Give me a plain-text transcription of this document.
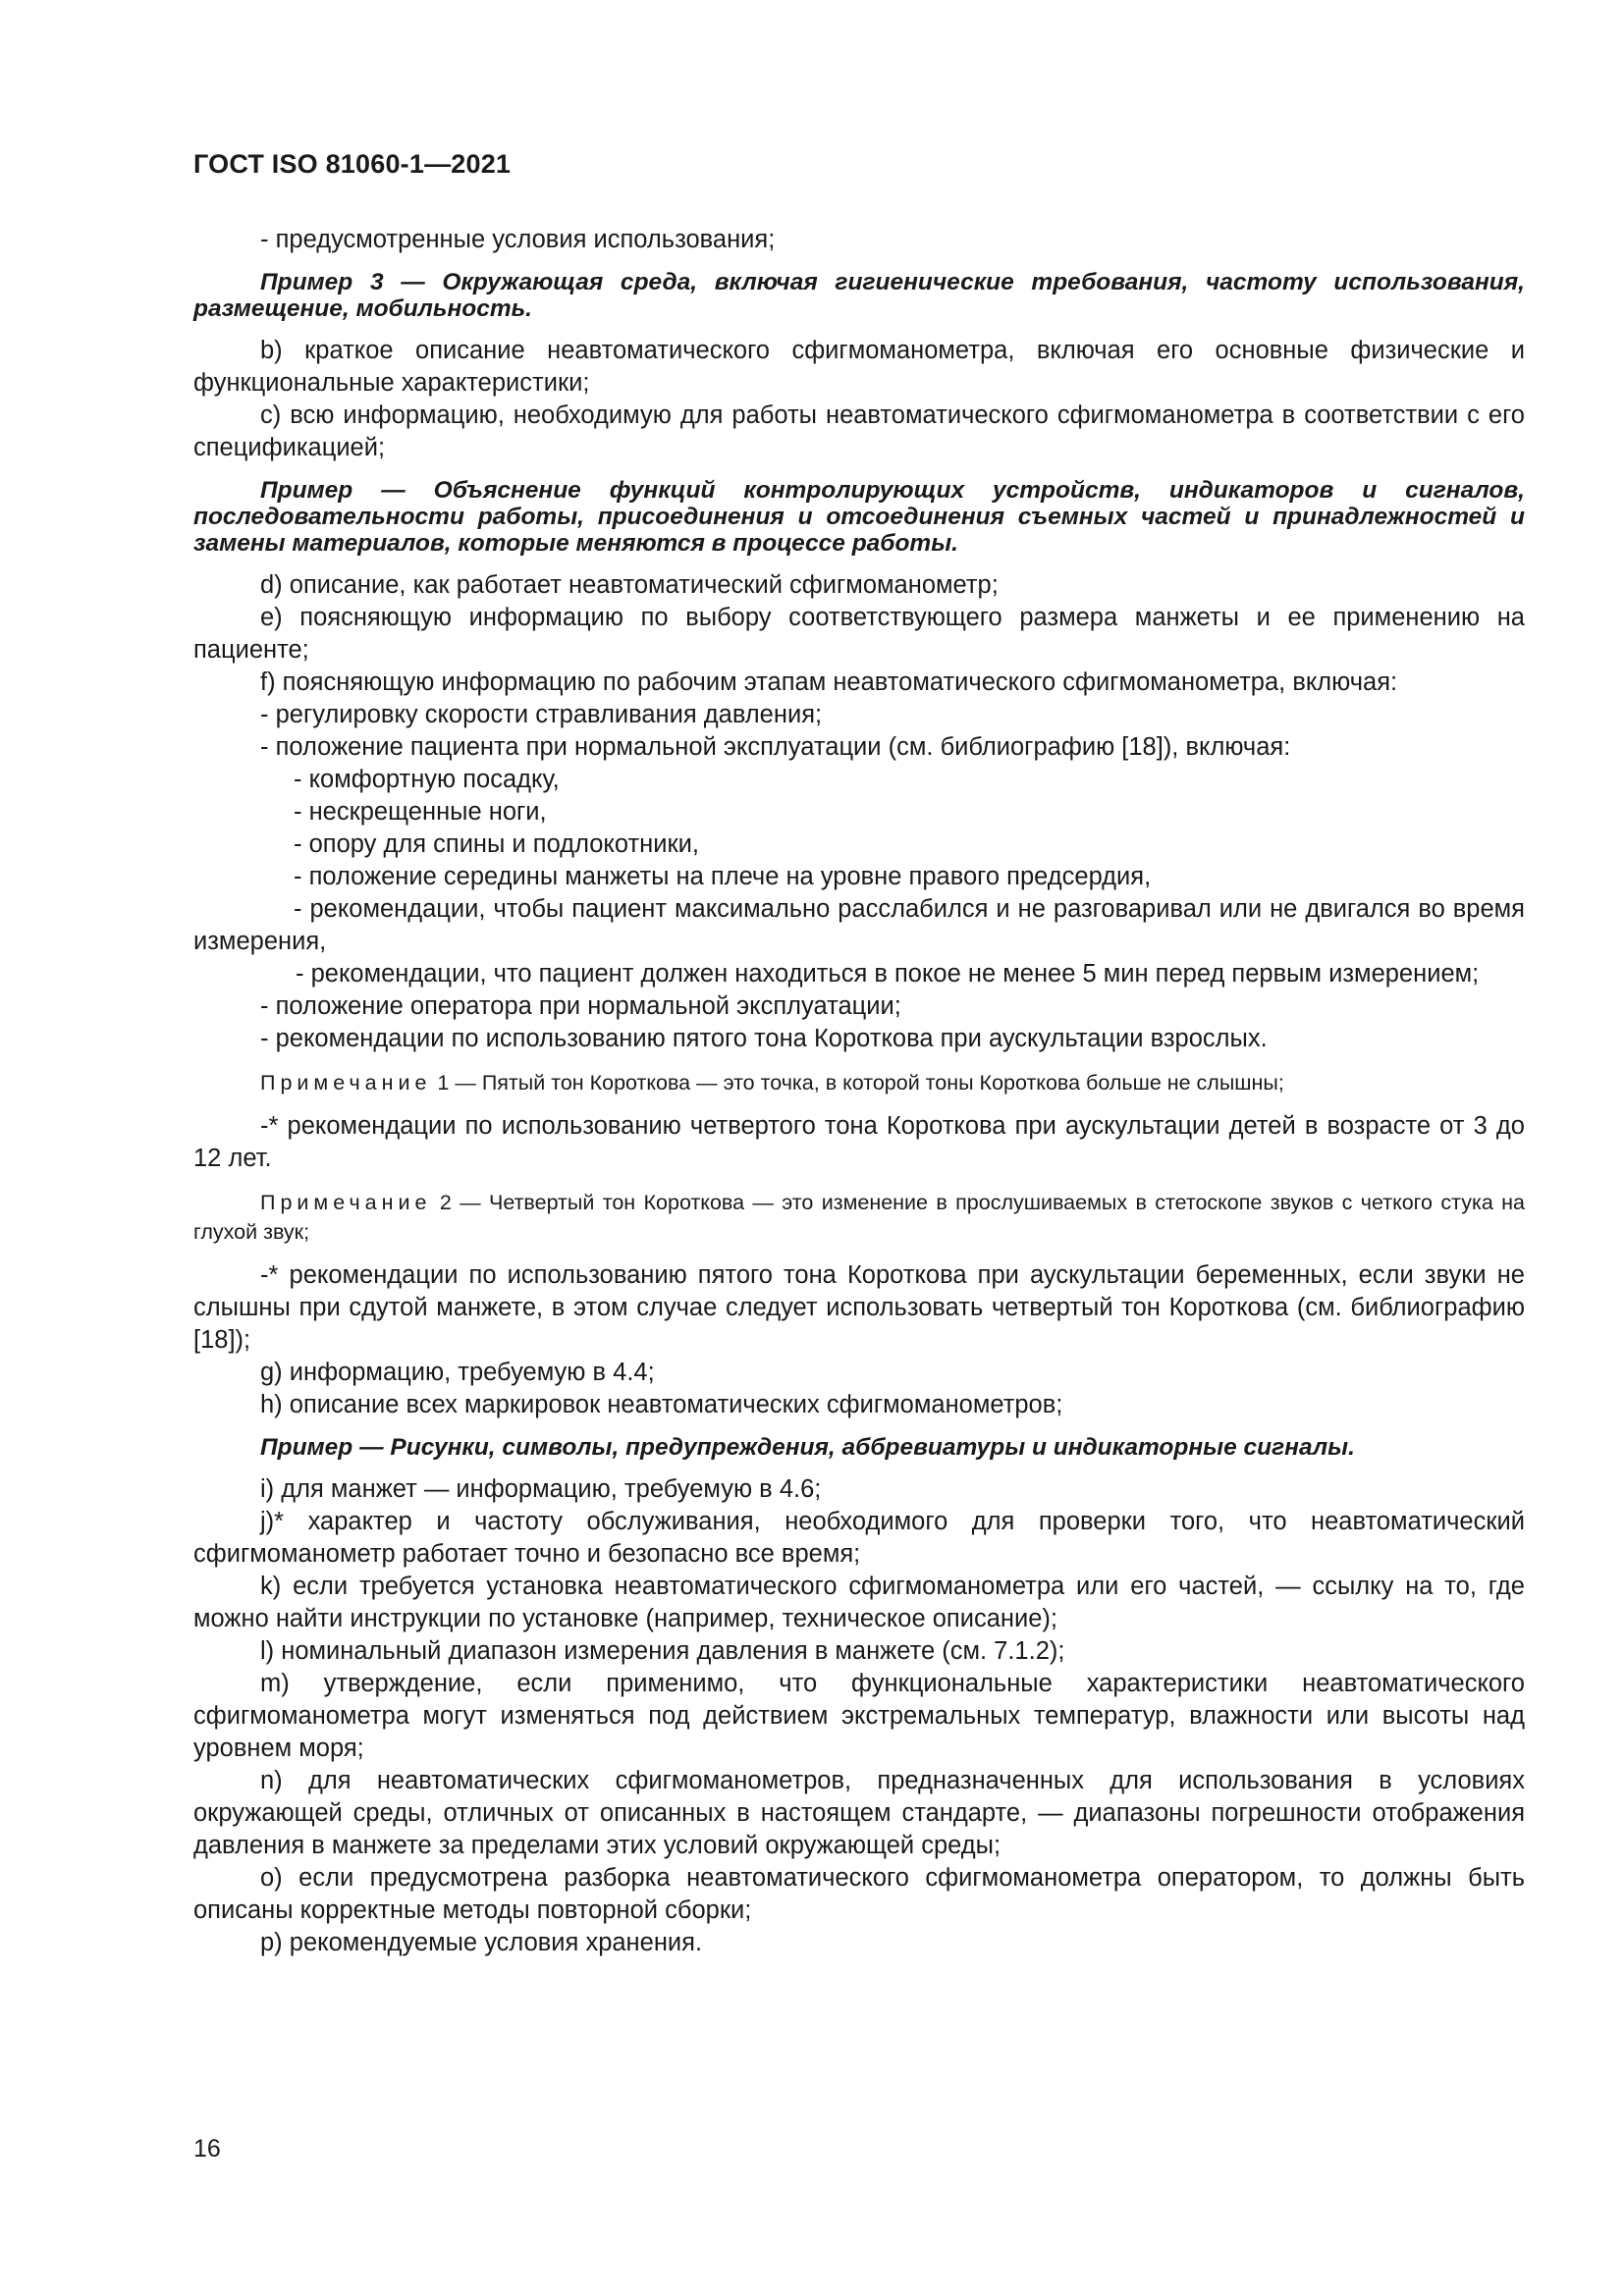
ГОСТ ISO 81060-1—2021

- предусмотренные условия использования;

Пример 3 — Окружающая среда, включая гигиенические требования, частоту использования, размещение, мобильность.

b) краткое описание неавтоматического сфигмоманометра, включая его основные физические и функциональные характеристики;

c) всю информацию, необходимую для работы неавтоматического сфигмоманометра в соответствии с его спецификацией;

Пример — Объяснение функций контролирующих устройств, индикаторов и сигналов, последовательности работы, присоединения и отсоединения съемных частей и принадлежностей и замены материалов, которые меняются в процессе работы.

d) описание, как работает неавтоматический сфигмоманометр;

e) поясняющую информацию по выбору соответствующего размера манжеты и ее применению на пациенте;

f) поясняющую информацию по рабочим этапам неавтоматического сфигмоманометра, включая:

- регулировку скорости стравливания давления;

- положение пациента при нормальной эксплуатации (см. библиографию [18]), включая:

- комфортную посадку,

- нескрещенные ноги,

- опору для спины и подлокотники,

- положение середины манжеты на плече на уровне правого предсердия,

- рекомендации, чтобы пациент максимально расслабился и не разговаривал или не двигался во время измерения,

- рекомендации, что пациент должен находиться в покое не менее 5 мин перед первым измерением;

- положение оператора при нормальной эксплуатации;

- рекомендации по использованию пятого тона Короткова при аускультации взрослых.

Примечание 1 — Пятый тон Короткова — это точка, в которой тоны Короткова больше не слышны;

-* рекомендации по использованию четвертого тона Короткова при аускультации детей в возрасте от 3 до 12 лет.

Примечание 2 — Четвертый тон Короткова — это изменение в прослушиваемых в стетоскопе звуков с четкого стука на глухой звук;

-* рекомендации по использованию пятого тона Короткова при аускультации беременных, если звуки не слышны при сдутой манжете, в этом случае следует использовать четвертый тон Короткова (см. библиографию [18]);

g) информацию, требуемую в 4.4;

h) описание всех маркировок неавтоматических сфигмоманометров;

Пример — Рисунки, символы, предупреждения, аббревиатуры и индикаторные сигналы.

i) для манжет — информацию, требуемую в 4.6;

j)* характер и частоту обслуживания, необходимого для проверки того, что неавтоматический сфигмоманометр работает точно и безопасно все время;

k) если требуется установка неавтоматического сфигмоманометра или его частей, — ссылку на то, где можно найти инструкции по установке (например, техническое описание);

l) номинальный диапазон измерения давления в манжете (см. 7.1.2);

m) утверждение, если применимо, что функциональные характеристики неавтоматического сфигмоманометра могут изменяться под действием экстремальных температур, влажности или высоты над уровнем моря;

n) для неавтоматических сфигмоманометров, предназначенных для использования в условиях окружающей среды, отличных от описанных в настоящем стандарте, — диапазоны погрешности отображения давления в манжете за пределами этих условий окружающей среды;

o) если предусмотрена разборка неавтоматического сфигмоманометра оператором, то должны быть описаны корректные методы повторной сборки;

p) рекомендуемые условия хранения.

16
